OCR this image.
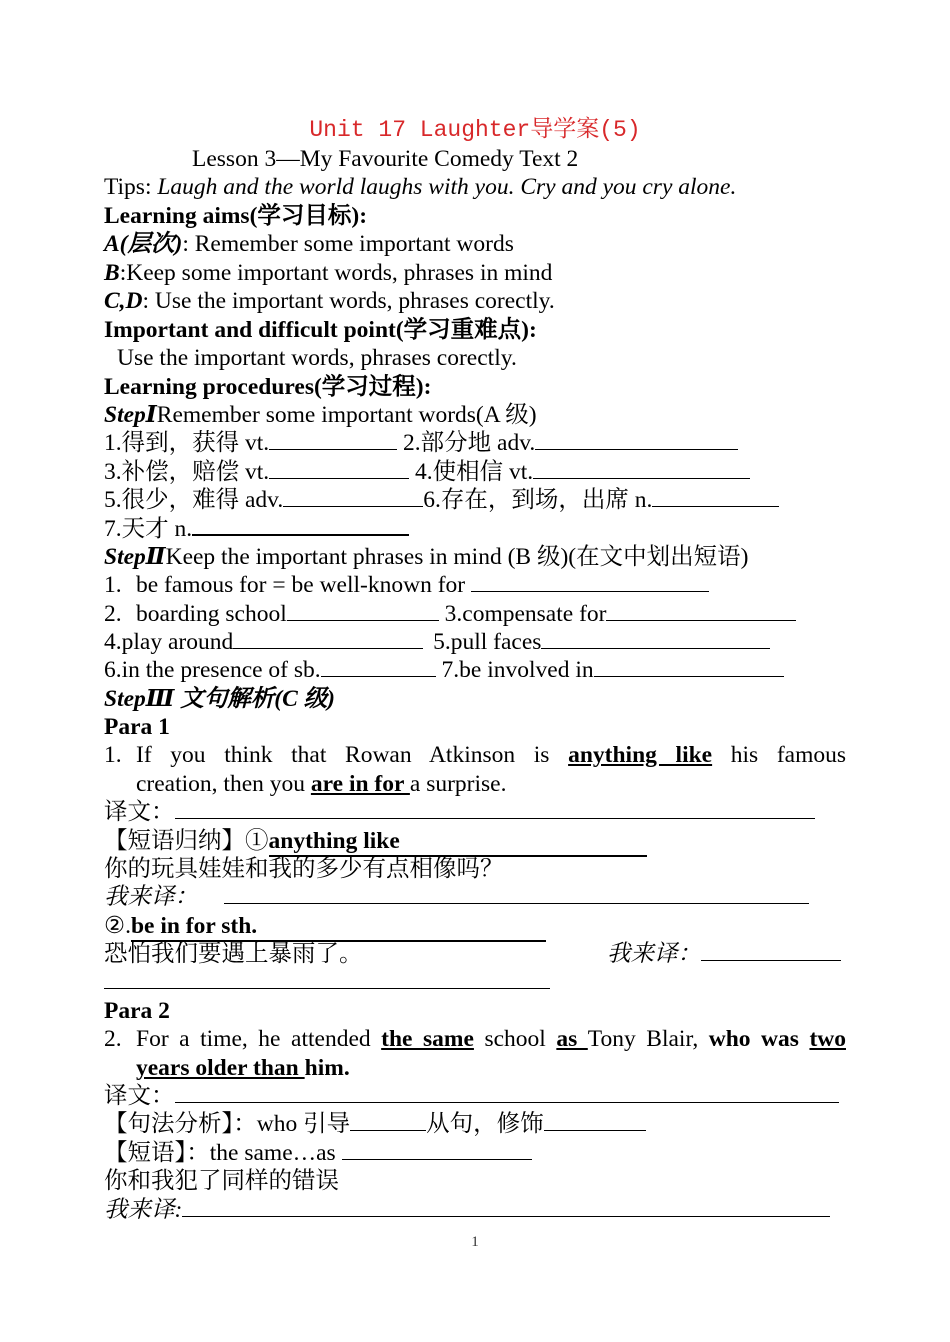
Unit 17 Laughter导学案(5)
Lesson 3—My Favourite Comedy Text 2
Tips: Laugh and the world laughs with you. Cry and you cry alone.
Learning aims(学习目标):
A(层次): Remember some important words
B:Keep some important words, phrases in mind
C,D: Use the important words, phrases corectly.
Important and difficult point(学习重难点):
Use the important words, phrases corectly.
Learning procedures(学习过程):
StepⅠRemember some important words(A 级)
1.得到，获得 vt.	2.部分地 adv.
3.补偿，赔偿 vt.	4.使相信 vt.
5.很少，难得 adv.	6.存在，到场，出席 n.
7.天才 n.
StepⅡKeep the important phrases in mind (B 级)(在文中划出短语)
1. be famous for = be well-known for
2. boarding school	3.compensate for
4.play around	5.pull faces
6.in the presence of sb.	7.be involved in
StepⅢ 文句解析(C 级)
Para 1
1. If you think that Rowan Atkinson is anything like his famous
creation, then you are in for a surprise.
译文：
【短语归纳】①anything like
你的玩具娃娃和我的多少有点相像吗？
我来译：
②.be in for sth.
恐怕我们要遇上暴雨了。	我来译：
Para 2
2. For a time, he attended the same school as Tony Blair, who was two
years older than him.
译文：
【句法分析】：who 引导	从句，修饰
【短语】：the same…as
你和我犯了同样的错误
我来译:
1
